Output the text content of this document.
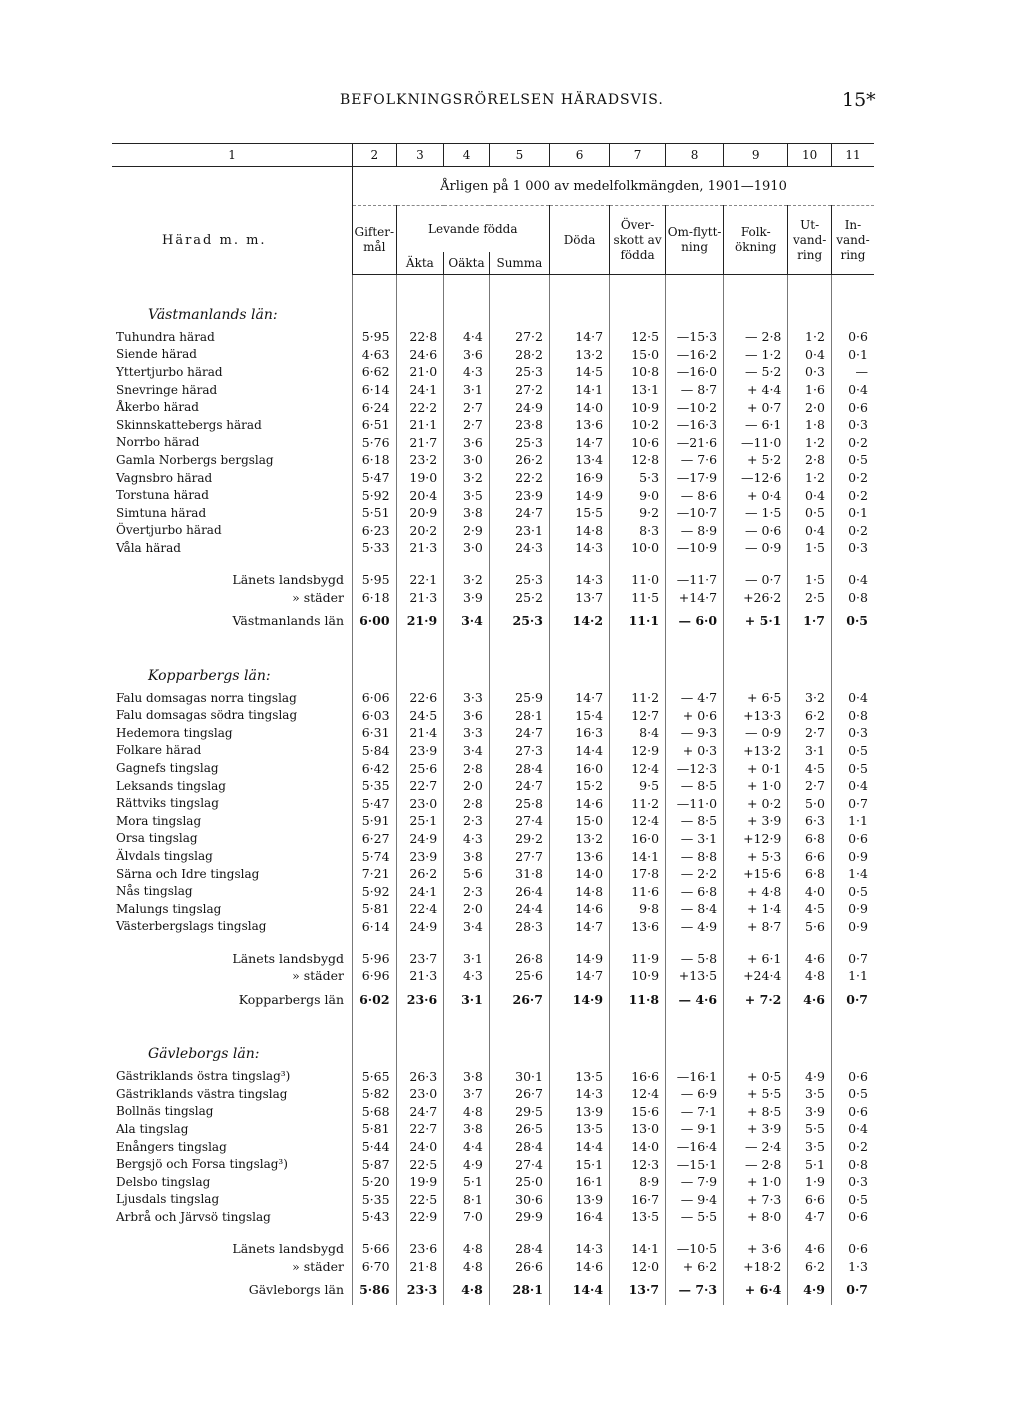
BEFOLKNINGSRÖRELSEN HÄRADSVIS.	15*
1	2	3	4	5	6	7	8	9	10	11
	Årligen på 1 000 av medelfolkmängden, 1901—1910									
Härad m. m.	Gifter-mål	Levande födda			Döda	Över-skott av födda	Om-flytt-ning	Folk-ökning	Ut-vand-ring	In-vand-ring
		Äkta	Oäkta	Summa						
Västmanlands län:										
Tuhundra härad	5·95	22·8	4·4	27·2	14·7	12·5	—15·3	— 2·8	1·2	0·6
Siende härad	4·63	24·6	3·6	28·2	13·2	15·0	—16·2	— 1·2	0·4	0·1
Yttertjurbo härad	6·62	21·0	4·3	25·3	14·5	10·8	—16·0	— 5·2	0·3	—
Snevringe härad	6·14	24·1	3·1	27·2	14·1	13·1	— 8·7	+ 4·4	1·6	0·4
Åkerbo härad	6·24	22·2	2·7	24·9	14·0	10·9	—10·2	+ 0·7	2·0	0·6
Skinnskattebergs härad	6·51	21·1	2·7	23·8	13·6	10·2	—16·3	— 6·1	1·8	0·3
Norrbo härad	5·76	21·7	3·6	25·3	14·7	10·6	—21·6	—11·0	1·2	0·2
Gamla Norbergs bergslag	6·18	23·2	3·0	26·2	13·4	12·8	— 7·6	+ 5·2	2·8	0·5
Vagnsbro härad	5·47	19·0	3·2	22·2	16·9	5·3	—17·9	—12·6	1·2	0·2
Torstuna härad	5·92	20·4	3·5	23·9	14·9	9·0	— 8·6	+ 0·4	0·4	0·2
Simtuna härad	5·51	20·9	3·8	24·7	15·5	9·2	—10·7	— 1·5	0·5	0·1
Övertjurbo härad	6·23	20·2	2·9	23·1	14·8	8·3	— 8·9	— 0·6	0·4	0·2
Våla härad	5·33	21·3	3·0	24·3	14·3	10·0	—10·9	— 0·9	1·5	0·3

Länets landsbygd	5·95	22·1	3·2	25·3	14·3	11·0	—11·7	— 0·7	1·5	0·4
» städer	6·18	21·3	3·9	25·2	13·7	11·5	+14·7	+26·2	2·5	0·8
Västmanlands län	6·00	21·9	3·4	25·3	14·2	11·1	— 6·0	+ 5·1	1·7	0·5
Kopparbergs län:										
Falu domsagas norra tingslag	6·06	22·6	3·3	25·9	14·7	11·2	— 4·7	+ 6·5	3·2	0·4
Falu domsagas södra tingslag	6·03	24·5	3·6	28·1	15·4	12·7	+ 0·6	+13·3	6·2	0·8
Hedemora tingslag	6·31	21·4	3·3	24·7	16·3	8·4	— 9·3	— 0·9	2·7	0·3
Folkare härad	5·84	23·9	3·4	27·3	14·4	12·9	+ 0·3	+13·2	3·1	0·5
Gagnefs tingslag	6·42	25·6	2·8	28·4	16·0	12·4	—12·3	+ 0·1	4·5	0·5
Leksands tingslag	5·35	22·7	2·0	24·7	15·2	9·5	— 8·5	+ 1·0	2·7	0·4
Rättviks tingslag	5·47	23·0	2·8	25·8	14·6	11·2	—11·0	+ 0·2	5·0	0·7
Mora tingslag	5·91	25·1	2·3	27·4	15·0	12·4	— 8·5	+ 3·9	6·3	1·1
Orsa tingslag	6·27	24·9	4·3	29·2	13·2	16·0	— 3·1	+12·9	6·8	0·6
Älvdals tingslag	5·74	23·9	3·8	27·7	13·6	14·1	— 8·8	+ 5·3	6·6	0·9
Särna och Idre tingslag	7·21	26·2	5·6	31·8	14·0	17·8	— 2·2	+15·6	6·8	1·4
Nås tingslag	5·92	24·1	2·3	26·4	14·8	11·6	— 6·8	+ 4·8	4·0	0·5
Malungs tingslag	5·81	22·4	2·0	24·4	14·6	9·8	— 8·4	+ 1·4	4·5	0·9
Västerbergslags tingslag	6·14	24·9	3·4	28·3	14·7	13·6	— 4·9	+ 8·7	5·6	0·9

Länets landsbygd	5·96	23·7	3·1	26·8	14·9	11·9	— 5·8	+ 6·1	4·6	0·7
» städer	6·96	21·3	4·3	25·6	14·7	10·9	+13·5	+24·4	4·8	1·1
Kopparbergs län	6·02	23·6	3·1	26·7	14·9	11·8	— 4·6	+ 7·2	4·6	0·7
Gävleborgs län:										
Gästriklands östra tingslag³)	5·65	26·3	3·8	30·1	13·5	16·6	—16·1	+ 0·5	4·9	0·6
Gästriklands västra tingslag	5·82	23·0	3·7	26·7	14·3	12·4	— 6·9	+ 5·5	3·5	0·5
Bollnäs tingslag	5·68	24·7	4·8	29·5	13·9	15·6	— 7·1	+ 8·5	3·9	0·6
Ala tingslag	5·81	22·7	3·8	26·5	13·5	13·0	— 9·1	+ 3·9	5·5	0·4
Enångers tingslag	5·44	24·0	4·4	28·4	14·4	14·0	—16·4	— 2·4	3·5	0·2
Bergsjö och Forsa tingslag³)	5·87	22·5	4·9	27·4	15·1	12·3	—15·1	— 2·8	5·1	0·8
Delsbo tingslag	5·20	19·9	5·1	25·0	16·1	8·9	— 7·9	+ 1·0	1·9	0·3
Ljusdals tingslag	5·35	22·5	8·1	30·6	13·9	16·7	— 9·4	+ 7·3	6·6	0·5
Arbrå och Järvsö tingslag	5·43	22·9	7·0	29·9	16·4	13·5	— 5·5	+ 8·0	4·7	0·6

Länets landsbygd	5·66	23·6	4·8	28·4	14·3	14·1	—10·5	+ 3·6	4·6	0·6
» städer	6·70	21·8	4·8	26·6	14·6	12·0	+ 6·2	+18·2	6·2	1·3
Gävleborgs län	5·86	23·3	4·8	28·1	14·4	13·7	— 7·3	+ 6·4	4·9	0·7
